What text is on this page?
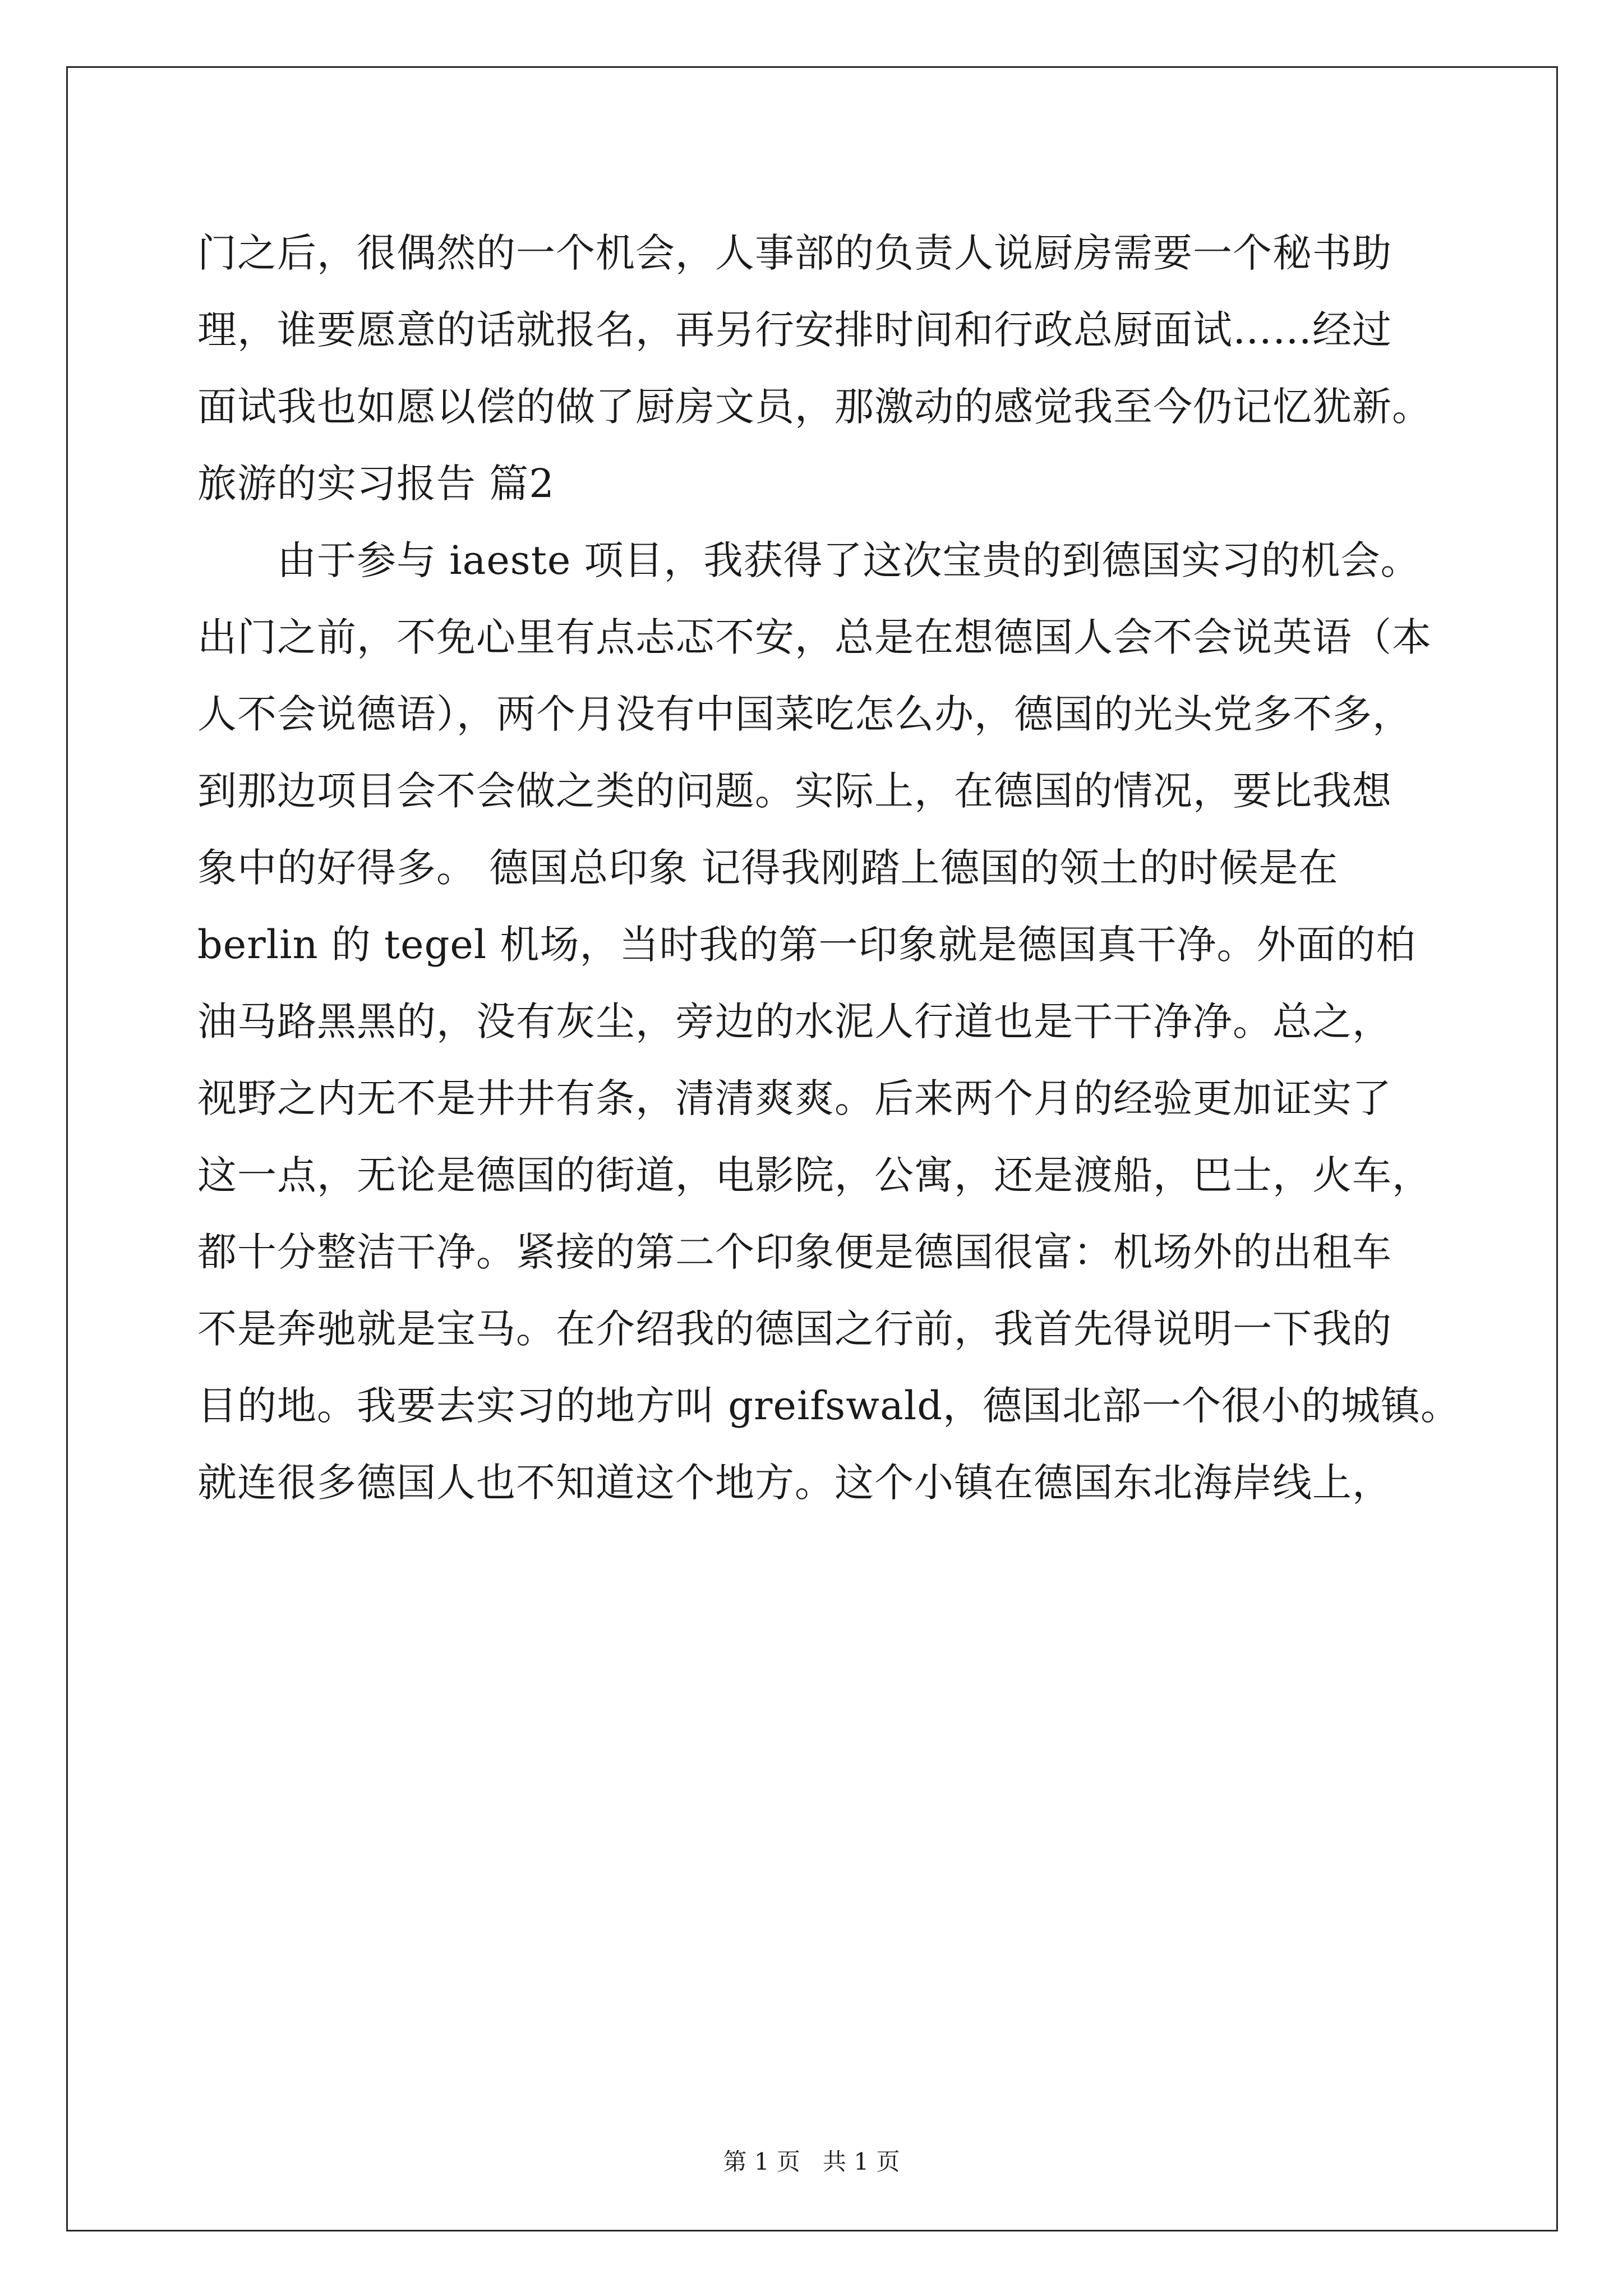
门之后，很偶然的一个机会，人事部的负责人说厨房需要一个秘书助
理，谁要愿意的话就报名，再另行安排时间和行政总厨面试……经过
面试我也如愿以偿的做了厨房文员，那激动的感觉我至今仍记忆犹新。
旅游的实习报告 篇2
　　由于参与 iaeste 项目，我获得了这次宝贵的到德国实习的机会。
出门之前，不免心里有点忐忑不安，总是在想德国人会不会说英语（本
人不会说德语），两个月没有中国菜吃怎么办，德国的光头党多不多，
到那边项目会不会做之类的问题。实际上，在德国的情况，要比我想
象中的好得多。 德国总印象 记得我刚踏上德国的领土的时候是在
berlin 的 tegel 机场，当时我的第一印象就是德国真干净。外面的柏
油马路黑黑的，没有灰尘，旁边的水泥人行道也是干干净净。总之，
视野之内无不是井井有条，清清爽爽。后来两个月的经验更加证实了
这一点，无论是德国的街道，电影院，公寓，还是渡船，巴士，火车，
都十分整洁干净。紧接的第二个印象便是德国很富：机场外的出租车
不是奔驰就是宝马。在介绍我的德国之行前，我首先得说明一下我的
目的地。我要去实习的地方叫 greifswald，德国北部一个很小的城镇。
就连很多德国人也不知道这个地方。这个小镇在德国东北海岸线上，
第 1 页   共 1 页
